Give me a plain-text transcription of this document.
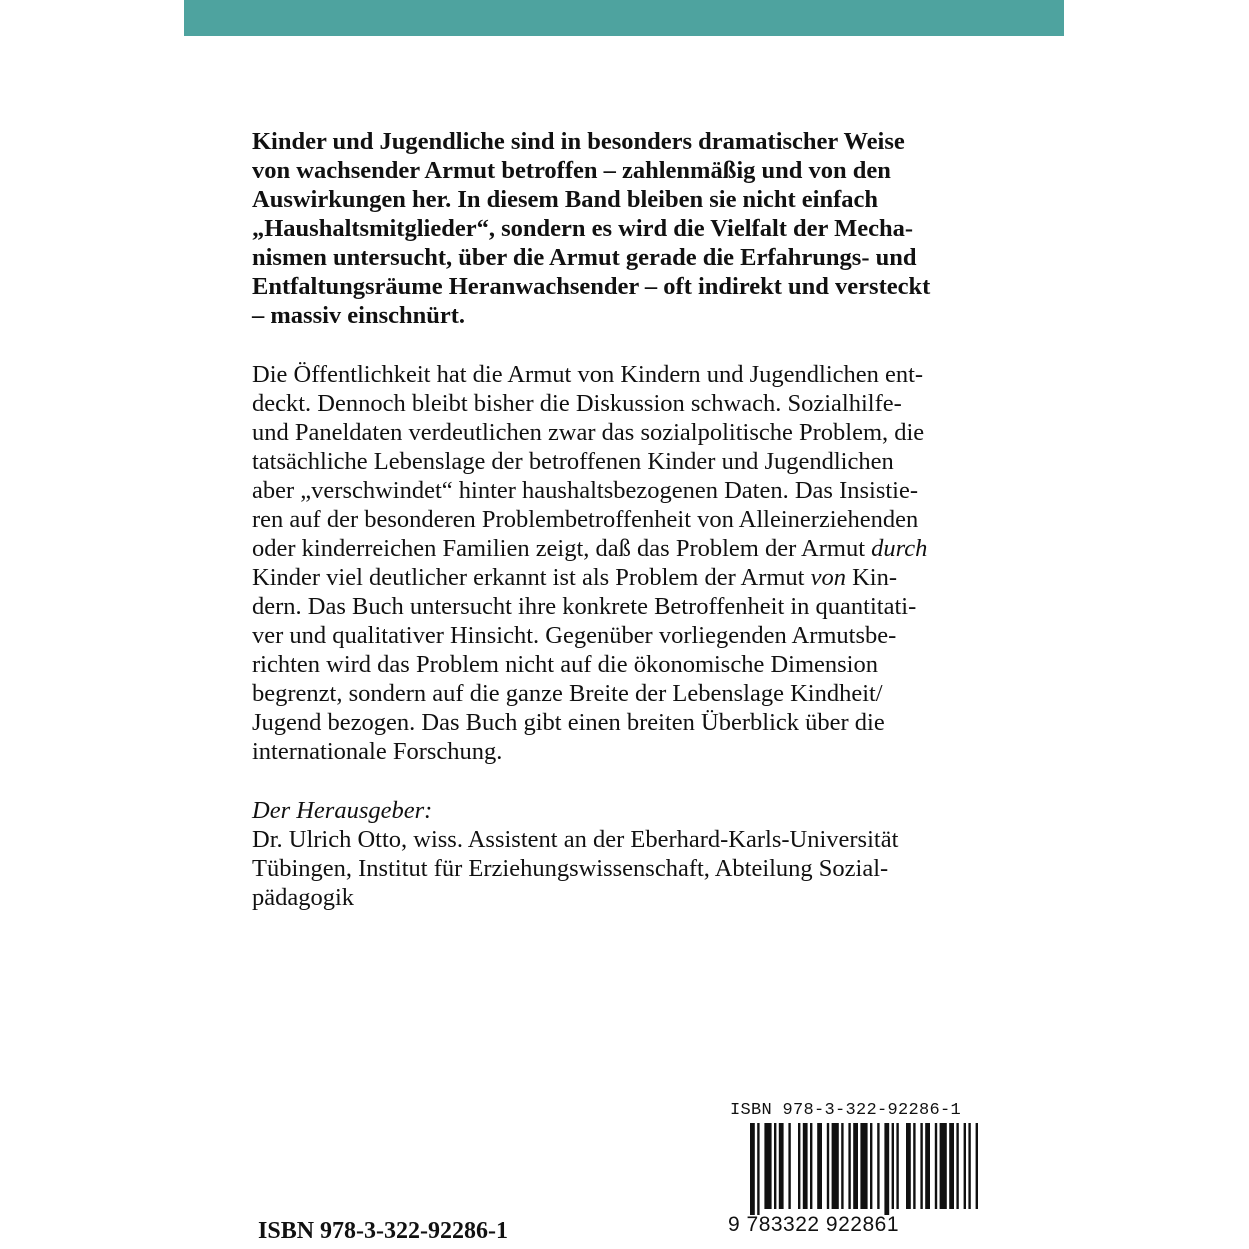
Kinder und Jugendliche sind in besonders dramatischer Weise
von wachsender Armut betroffen – zahlenmäßig und von den
Auswirkungen her. In diesem Band bleiben sie nicht einfach
„Haushaltsmitglieder“, sondern es wird die Vielfalt der Mecha-
nismen untersucht, über die Armut gerade die Erfahrungs- und
Entfaltungsräume Heranwachsender – oft indirekt und versteckt
– massiv einschnürt.
Die Öffentlichkeit hat die Armut von Kindern und Jugendlichen ent-
deckt. Dennoch bleibt bisher die Diskussion schwach. Sozialhilfe-
und Paneldaten verdeutlichen zwar das sozialpolitische Problem, die
tatsächliche Lebenslage der betroffenen Kinder und Jugendlichen
aber „verschwindet“ hinter haushaltsbezogenen Daten. Das Insistie-
ren auf der besonderen Problembetroffenheit von Alleinerziehenden
oder kinderreichen Familien zeigt, daß das Problem der Armut durch
Kinder viel deutlicher erkannt ist als Problem der Armut von Kin-
dern. Das Buch untersucht ihre konkrete Betroffenheit in quantitati-
ver und qualitativer Hinsicht. Gegenüber vorliegenden Armutsbe-
richten wird das Problem nicht auf die ökonomische Dimension
begrenzt, sondern auf die ganze Breite der Lebenslage Kindheit/
Jugend bezogen. Das Buch gibt einen breiten Überblick über die
internationale Forschung.
Der Herausgeber:
Dr. Ulrich Otto, wiss. Assistent an der Eberhard-Karls-Universität
Tübingen, Institut für Erziehungswissenschaft, Abteilung Sozial-
pädagogik
ISBN 978-3-322-92286-1
9 783322 922861
ISBN 978-3-322-92286-1
